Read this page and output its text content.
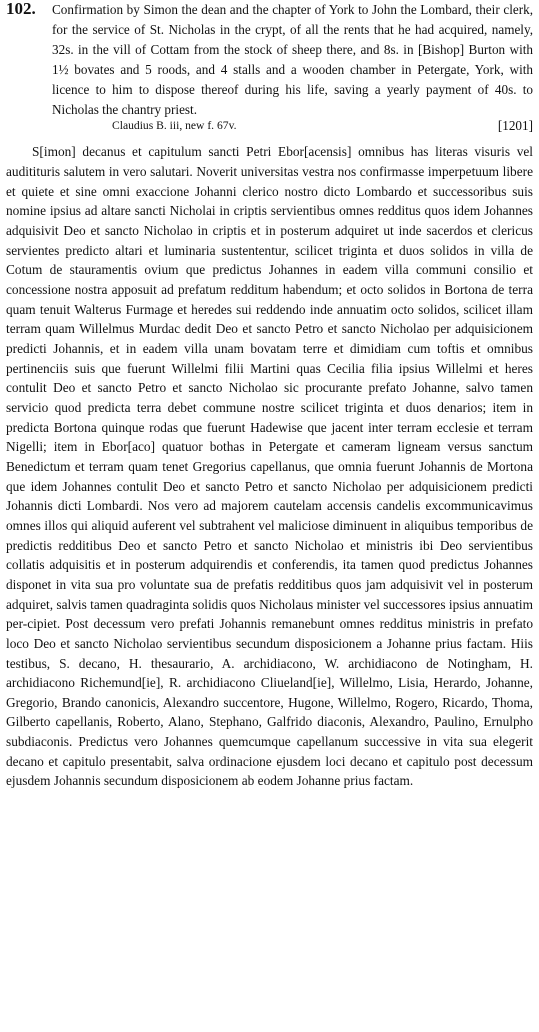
102. Confirmation by Simon the dean and the chapter of York to John the Lombard, their clerk, for the service of St. Nicholas in the crypt, of all the rents that he had acquired, namely, 32s. in the vill of Cottam from the stock of sheep there, and 8s. in [Bishop] Burton with 1½ bovates and 5 roods, and 4 stalls and a wooden chamber in Petergate, York, with licence to him to dispose thereof during his life, saving a yearly payment of 40s. to Nicholas the chantry priest.

Claudius B. iii, new f. 67v.	[1201]

S[imon] decanus et capitulum sancti Petri Ebor[acensis] omnibus has literas visuris vel auditituris salutem in vero salutari. Noverit universitas vestra nos confirmasse imperpetuum libere et quiete et sine omni exaccione Johanni clerico nostro dicto Lombardo et successoribus suis nomine ipsius ad altare sancti Nicholai in criptis servientibus omnes redditus quos idem Johannes adquisivit Deo et sancto Nicholao in criptis et in posterum adquiret ut inde sacerdos et clericus servientes predicto altari et luminaria sustententur, scilicet triginta et duos solidos in villa de Cotum de stauramentis ovium que predictus Johannes in eadem villa communi consilio et concessione nostra apposuit ad prefatum redditum habendum; et octo solidos in Bortona de terra quam tenuit Walterus Furmage et heredes sui reddendo inde annuatim octo solidos, scilicet illam terram quam Willelmus Murdac dedit Deo et sancto Petro et sancto Nicholao per adquisicionem predicti Johannis, et in eadem villa unam bovatam terre et dimidiam cum toftis et omnibus pertinenciis suis que fuerunt Willelmi filii Martini quas Cecilia filia ipsius Willelmi et heres contulit Deo et sancto Petro et sancto Nicholao sic procurante prefato Johanne, salvo tamen servicio quod predicta terra debet commune nostre scilicet triginta et duos denarios; item in predicta Bortona quinque rodas que fuerunt Hadewise que jacent inter terram ecclesie et terram Nigelli; item in Ebor[aco] quatuor bothas in Petergate et cameram ligneam versus sanctum Benedictum et terram quam tenet Gregorius capellanus, que omnia fuerunt Johannis de Mortona que idem Johannes contulit Deo et sancto Petro et sancto Nicholao per adquisicionem predicti Johannis dicti Lombardi. Nos vero ad majorem cautelam accensis candelis excommunicavimus omnes illos qui aliquid auferent vel subtrahent vel maliciose diminuent in aliquibus temporibus de predictis redditibus Deo et sancto Petro et sancto Nicholao et ministris ibi Deo servientibus collatis adquisitis et in posterum adquirendis et conferendis, ita tamen quod predictus Johannes disponet in vita sua pro voluntate sua de prefatis redditibus quos jam adquisivit vel in posterum adquiret, salvis tamen quadraginta solidis quos Nicholaus minister vel successores ipsius annuatim per-cipiet. Post decessum vero prefati Johannis remanebunt omnes redditus ministris in prefato loco Deo et sancto Nicholao servientibus secundum disposicionem a Johanne prius factam. Hiis testibus, S. decano, H. thesaurario, A. archidiacono, W. archidiacono de Notingham, H. archidiacono Richemund[ie], R. archidiacono Cliueland[ie], Willelmo, Lisia, Herardo, Johanne, Gregorio, Brando canonicis, Alexandro succentore, Hugone, Willelmo, Rogero, Ricardo, Thoma, Gilberto capellanis, Roberto, Alano, Stephano, Galfrido diaconis, Alexandro, Paulino, Ernulpho subdiaconis. Predictus vero Johannes quemcumque capellanum successive in vita sua elegerit decano et capitulo presentabit, salva ordinacione ejusdem loci decano et capitulo post decessum ejusdem Johannis secundum disposicionem ab eodem Johanne prius factam.
